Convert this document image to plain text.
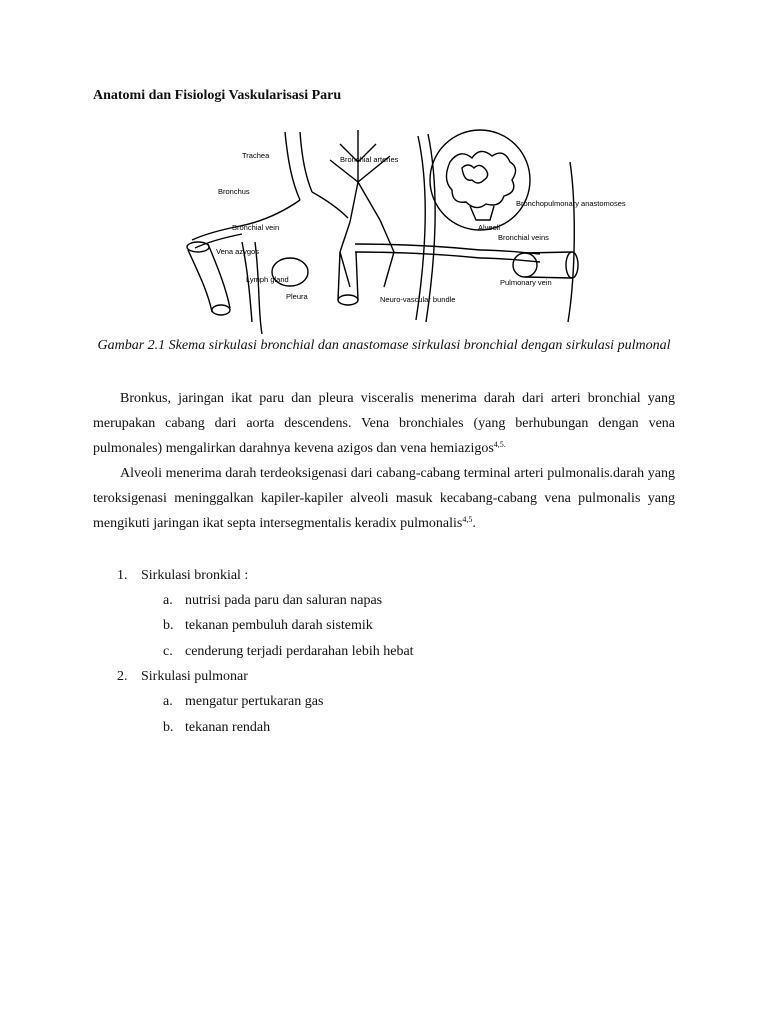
Anatomi dan Fisiologi Vaskularisasi Paru
Trachea	Bronchial arteries
Bronchus
Bronchial vein
Vena azygos
Lymph gland
Pleura	Neuro-vascular bundle
Bronchopulmonary anastomoses
Alveoli
Bronchial veins
Pulmonary vein

Gambar 2.1 Skema sirkulasi bronchial dan anastomase sirkulasi bronchial dengan sirkulasi pulmonal

Bronkus, jaringan ikat paru dan pleura visceralis menerima darah dari arteri bronchial yang merupakan cabang dari aorta descendens. Vena bronchiales (yang berhubungan dengan vena pulmonales) mengalirkan darahnya kevena azigos dan vena hemiazigos$^{4,5.}$

Alveoli menerima darah terdeoksigenasi dari cabang-cabang terminal arteri pulmonalis.darah yang teroksigenasi meninggalkan kapiler-kapiler alveoli masuk kecabang-cabang vena pulmonalis yang mengikuti jaringan ikat septa intersegmentalis keradix pulmonalis$^{4,5}$.

1. Sirkulasi bronkial :
a. nutrisi pada paru dan saluran napas
b. tekanan pembuluh darah sistemik
c. cenderung terjadi perdarahan lebih hebat
2. Sirkulasi pulmonar
a. mengatur pertukaran gas
b. tekanan rendah
